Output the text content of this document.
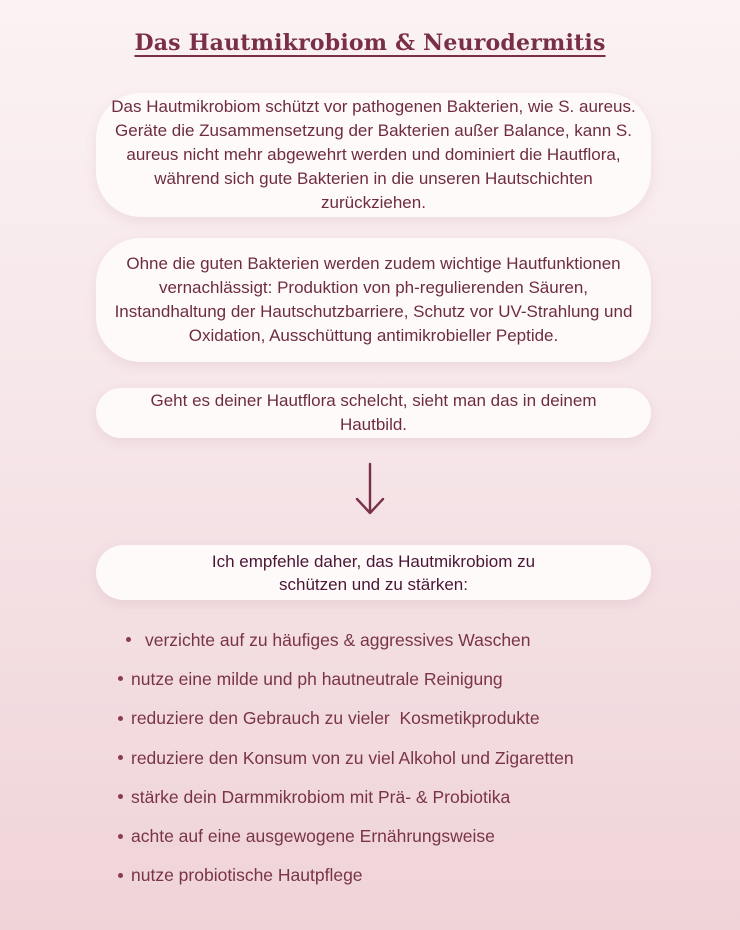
Das Hautmikrobiom & Neurodermitis

Das Hautmikrobiom schützt vor pathogenen Bakterien, wie S. aureus. Geräte die Zusammensetzung der Bakterien außer Balance, kann S. aureus nicht mehr abgewehrt werden und dominiert die Hautflora, während sich gute Bakterien in die unseren Hautschichten zurückziehen.

Ohne die guten Bakterien werden zudem wichtige Hautfunktionen vernachlässigt: Produktion von ph-regulierenden Säuren, Instandhaltung der Hautschutzbarriere, Schutz vor UV-Strahlung und Oxidation, Ausschüttung antimikrobieller Peptide.

Geht es deiner Hautflora schelcht, sieht man das in deinem Hautbild.

Ich empfehle daher, das Hautmikrobiom zu schützen und zu stärken:

verzichte auf zu häufiges & aggressives Waschen
nutze eine milde und ph hautneutrale Reinigung
reduziere den Gebrauch zu vieler  Kosmetikprodukte
reduziere den Konsum von zu viel Alkohol und Zigaretten
stärke dein Darmmikrobiom mit Prä- & Probiotika
achte auf eine ausgewogene Ernährungsweise
nutze probiotische Hautpflege
